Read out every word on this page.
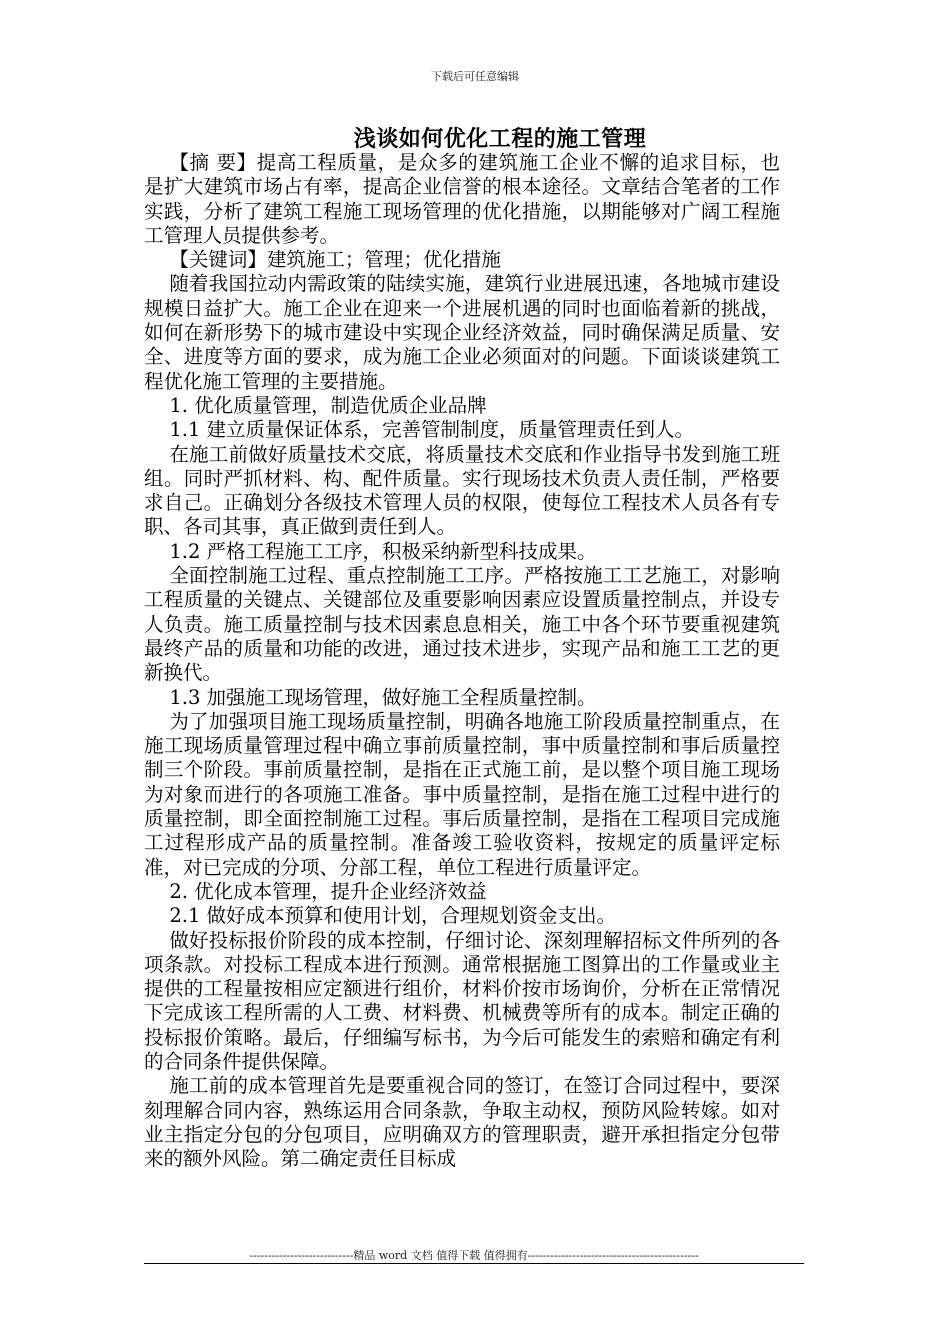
下载后可任意编辑
浅谈如何优化工程的施工管理

【摘 要】提高工程质量，是众多的建筑施工企业不懈的追求目标，也是扩大建筑市场占有率，提高企业信誉的根本途径。文章结合笔者的工作实践，分析了建筑工程施工现场管理的优化措施，以期能够对广阔工程施工管理人员提供参考。

【关键词】建筑施工；管理；优化措施

随着我国拉动内需政策的陆续实施，建筑行业进展迅速，各地城市建设规模日益扩大。施工企业在迎来一个进展机遇的同时也面临着新的挑战，如何在新形势下的城市建设中实现企业经济效益，同时确保满足质量、安全、进度等方面的要求，成为施工企业必须面对的问题。下面谈谈建筑工程优化施工管理的主要措施。

1. 优化质量管理，制造优质企业品牌

1.1 建立质量保证体系，完善管制制度，质量管理责任到人。

在施工前做好质量技术交底，将质量技术交底和作业指导书发到施工班组。同时严抓材料、构、配件质量。实行现场技术负责人责任制，严格要求自己。正确划分各级技术管理人员的权限，使每位工程技术人员各有专职、各司其事，真正做到责任到人。

1.2 严格工程施工工序，积极采纳新型科技成果。

全面控制施工过程、重点控制施工工序。严格按施工工艺施工，对影响工程质量的关键点、关键部位及重要影响因素应设置质量控制点，并设专人负责。施工质量控制与技术因素息息相关，施工中各个环节要重视建筑最终产品的质量和功能的改进，通过技术进步，实现产品和施工工艺的更新换代。

1.3 加强施工现场管理，做好施工全程质量控制。

为了加强项目施工现场质量控制，明确各地施工阶段质量控制重点，在施工现场质量管理过程中确立事前质量控制，事中质量控制和事后质量控制三个阶段。事前质量控制，是指在正式施工前，是以整个项目施工现场为对象而进行的各项施工准备。事中质量控制，是指在施工过程中进行的质量控制，即全面控制施工过程。事后质量控制，是指在工程项目完成施工过程形成产品的质量控制。准备竣工验收资料，按规定的质量评定标准，对已完成的分项、分部工程，单位工程进行质量评定。

2. 优化成本管理，提升企业经济效益

2.1 做好成本预算和使用计划，合理规划资金支出。

做好投标报价阶段的成本控制，仔细讨论、深刻理解招标文件所列的各项条款。对投标工程成本进行预测。通常根据施工图算出的工作量或业主提供的工程量按相应定额进行组价，材料价按市场询价，分析在正常情况下完成该工程所需的人工费、材料费、机械费等所有的成本。制定正确的投标报价策略。最后，仔细编写标书，为今后可能发生的索赔和确定有利的合同条件提供保障。

施工前的成本管理首先是要重视合同的签订，在签订合同过程中，要深刻理解合同内容，熟练运用合同条款，争取主动权，预防风险转嫁。如对业主指定分包的分包项目，应明确双方的管理职责，避开承担指定分包带来的额外风险。第二确定责任目标成

----------------------------精品 word 文档 值得下载 值得拥有----------------------------------------------
